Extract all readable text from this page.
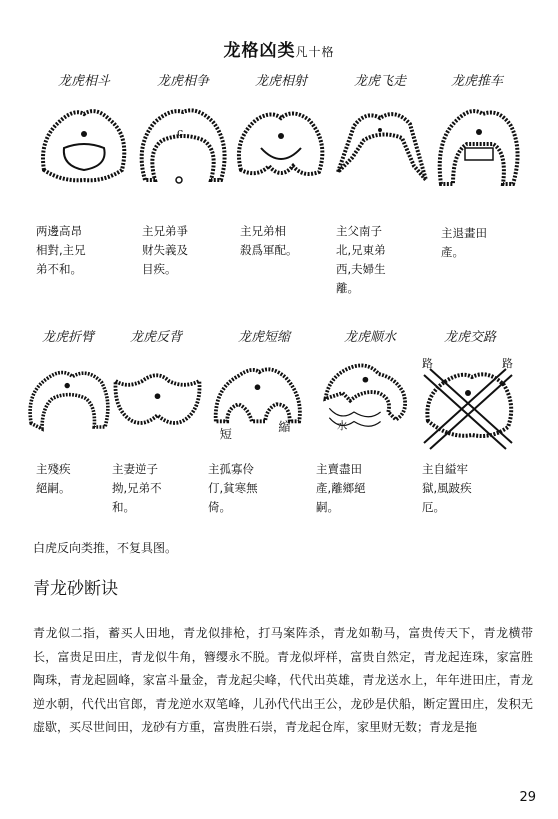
龙格凶类凡十格
龙虎相斗	龙虎相争	龙虎相射	龙虎飞走	龙虎推车
c
两邊高昂
相對,主兄
弟不和。
主兄弟爭
财失義及
目疾。
主兄弟相
殺爲軍配。
主父南子
北,兄東弟
西,夫婦生
離。
主退畫田
產。
龙虎折臂	龙虎反背	龙虎短缩	龙虎顺水	龙虎交路
短
縮	水
路	路
主殘疾
絕嗣。
主妻逆子
拗,兄弟不
和。
主孤寡伶
仃,貧寒無
倚。
主賣盡田
產,離鄉絕
嗣。
主自縊牢
獄,風跛疾
厄。
白虎反向类推，不复具图。
青龙砂断诀
青龙似二指，蓄买人田地，青龙似排枪，打马案阵杀，青龙如勒马，富贵传天下，青龙横带长，富贵足田庄，青龙似牛角，簪缨永不脱。青龙似坪样，富贵自然定，青龙起连珠，家富胜陶珠，青龙起圆峰，家富斗量金，青龙起尖峰，代代出英雄，青龙送水上，年年进田庄，青龙逆水朝，代代出官郎，青龙逆水双笔峰，儿孙代代出王公，龙砂是伏船，断定置田庄，发积无虚歇，买尽世间田，龙砂有方重，富贵胜石崇，青龙起仓库，家里财无数；青龙是拖
29
